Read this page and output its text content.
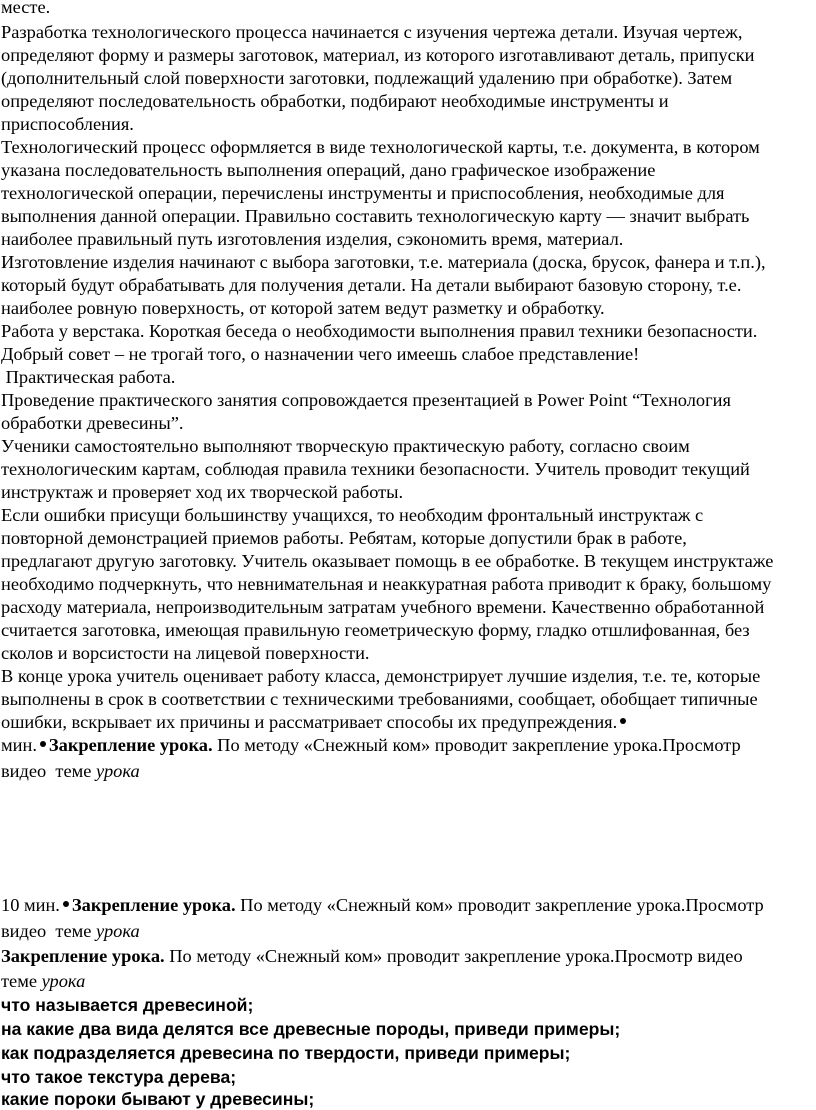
месте.
Разработка технологического процесса начинается с изучения чертежа детали. Изучая чертеж,
определяют форму и размеры заготовок, материал, из которого изготавливают деталь, припуски
(дополнительный слой поверхности заготовки, подлежащий удалению при обработке). Затем
определяют последовательность обработки, подбирают необходимые инструменты и
приспособления.
Технологический процесс оформляется в виде технологической карты, т.е. документа, в котором
указана последовательность выполнения операций, дано графическое изображение
технологической операции, перечислены инструменты и приспособления, необходимые для
выполнения данной операции. Правильно составить технологическую карту — значит выбрать
наиболее правильный путь изготовления изделия, сэкономить время, материал.
Изготовление изделия начинают с выбора заготовки, т.е. материала (доска, брусок, фанера и т.п.),
который будут обрабатывать для получения детали. На детали выбирают базовую сторону, т.е.
наиболее ровную поверхность, от которой затем ведут разметку и обработку.
Работа у верстака. Короткая беседа о необходимости выполнения правил техники безопасности.
Добрый совет – не трогай того, о назначении чего имеешь слабое представление!
Практическая работа.
Проведение практического занятия сопровождается презентацией в Power Point “Технология
обработки древесины”.
Ученики самостоятельно выполняют творческую практическую работу, согласно своим
технологическим картам, соблюдая правила техники безопасности. Учитель проводит текущий
инструктаж и проверяет ход их творческой работы.
Если ошибки присущи большинству учащихся, то необходим фронтальный инструктаж с
повторной демонстрацией приемов работы. Ребятам, которые допустили брак в работе,
предлагают другую заготовку. Учитель оказывает помощь в ее обработке. В текущем инструктаже
необходимо подчеркнуть, что невнимательная и неаккуратная работа приводит к браку, большому
расходу материала, непроизводительным затратам учебного времени. Качественно обработанной
считается заготовка, имеющая правильную геометрическую форму, гладко отшлифованная, без
сколов и ворсистости на лицевой поверхности.
В конце урока учитель оценивает работу класса, демонстрирует лучшие изделия, т.е. те, которые
выполнены в срок в соответствии с техническими требованиями, сообщает, обобщает типичные
ошибки, вскрывает их причины и рассматривает способы их предупреждения.
мин. Закрепление урока. По методу «Снежный ком» проводит закрепление урока.Просмотр
видео  теме урока
10 мин. Закрепление урока. По методу «Снежный ком» проводит закрепление урока.Просмотр
видео  теме урока
Закрепление урока. По методу «Снежный ком» проводит закрепление урока.Просмотр видео
теме урока
что называется древесиной;
на какие два вида делятся все древесные породы, приведи примеры;
как подразделяется древесина по твердости, приведи примеры;
что такое текстура дерева;
какие пороки бывают у древесины;
